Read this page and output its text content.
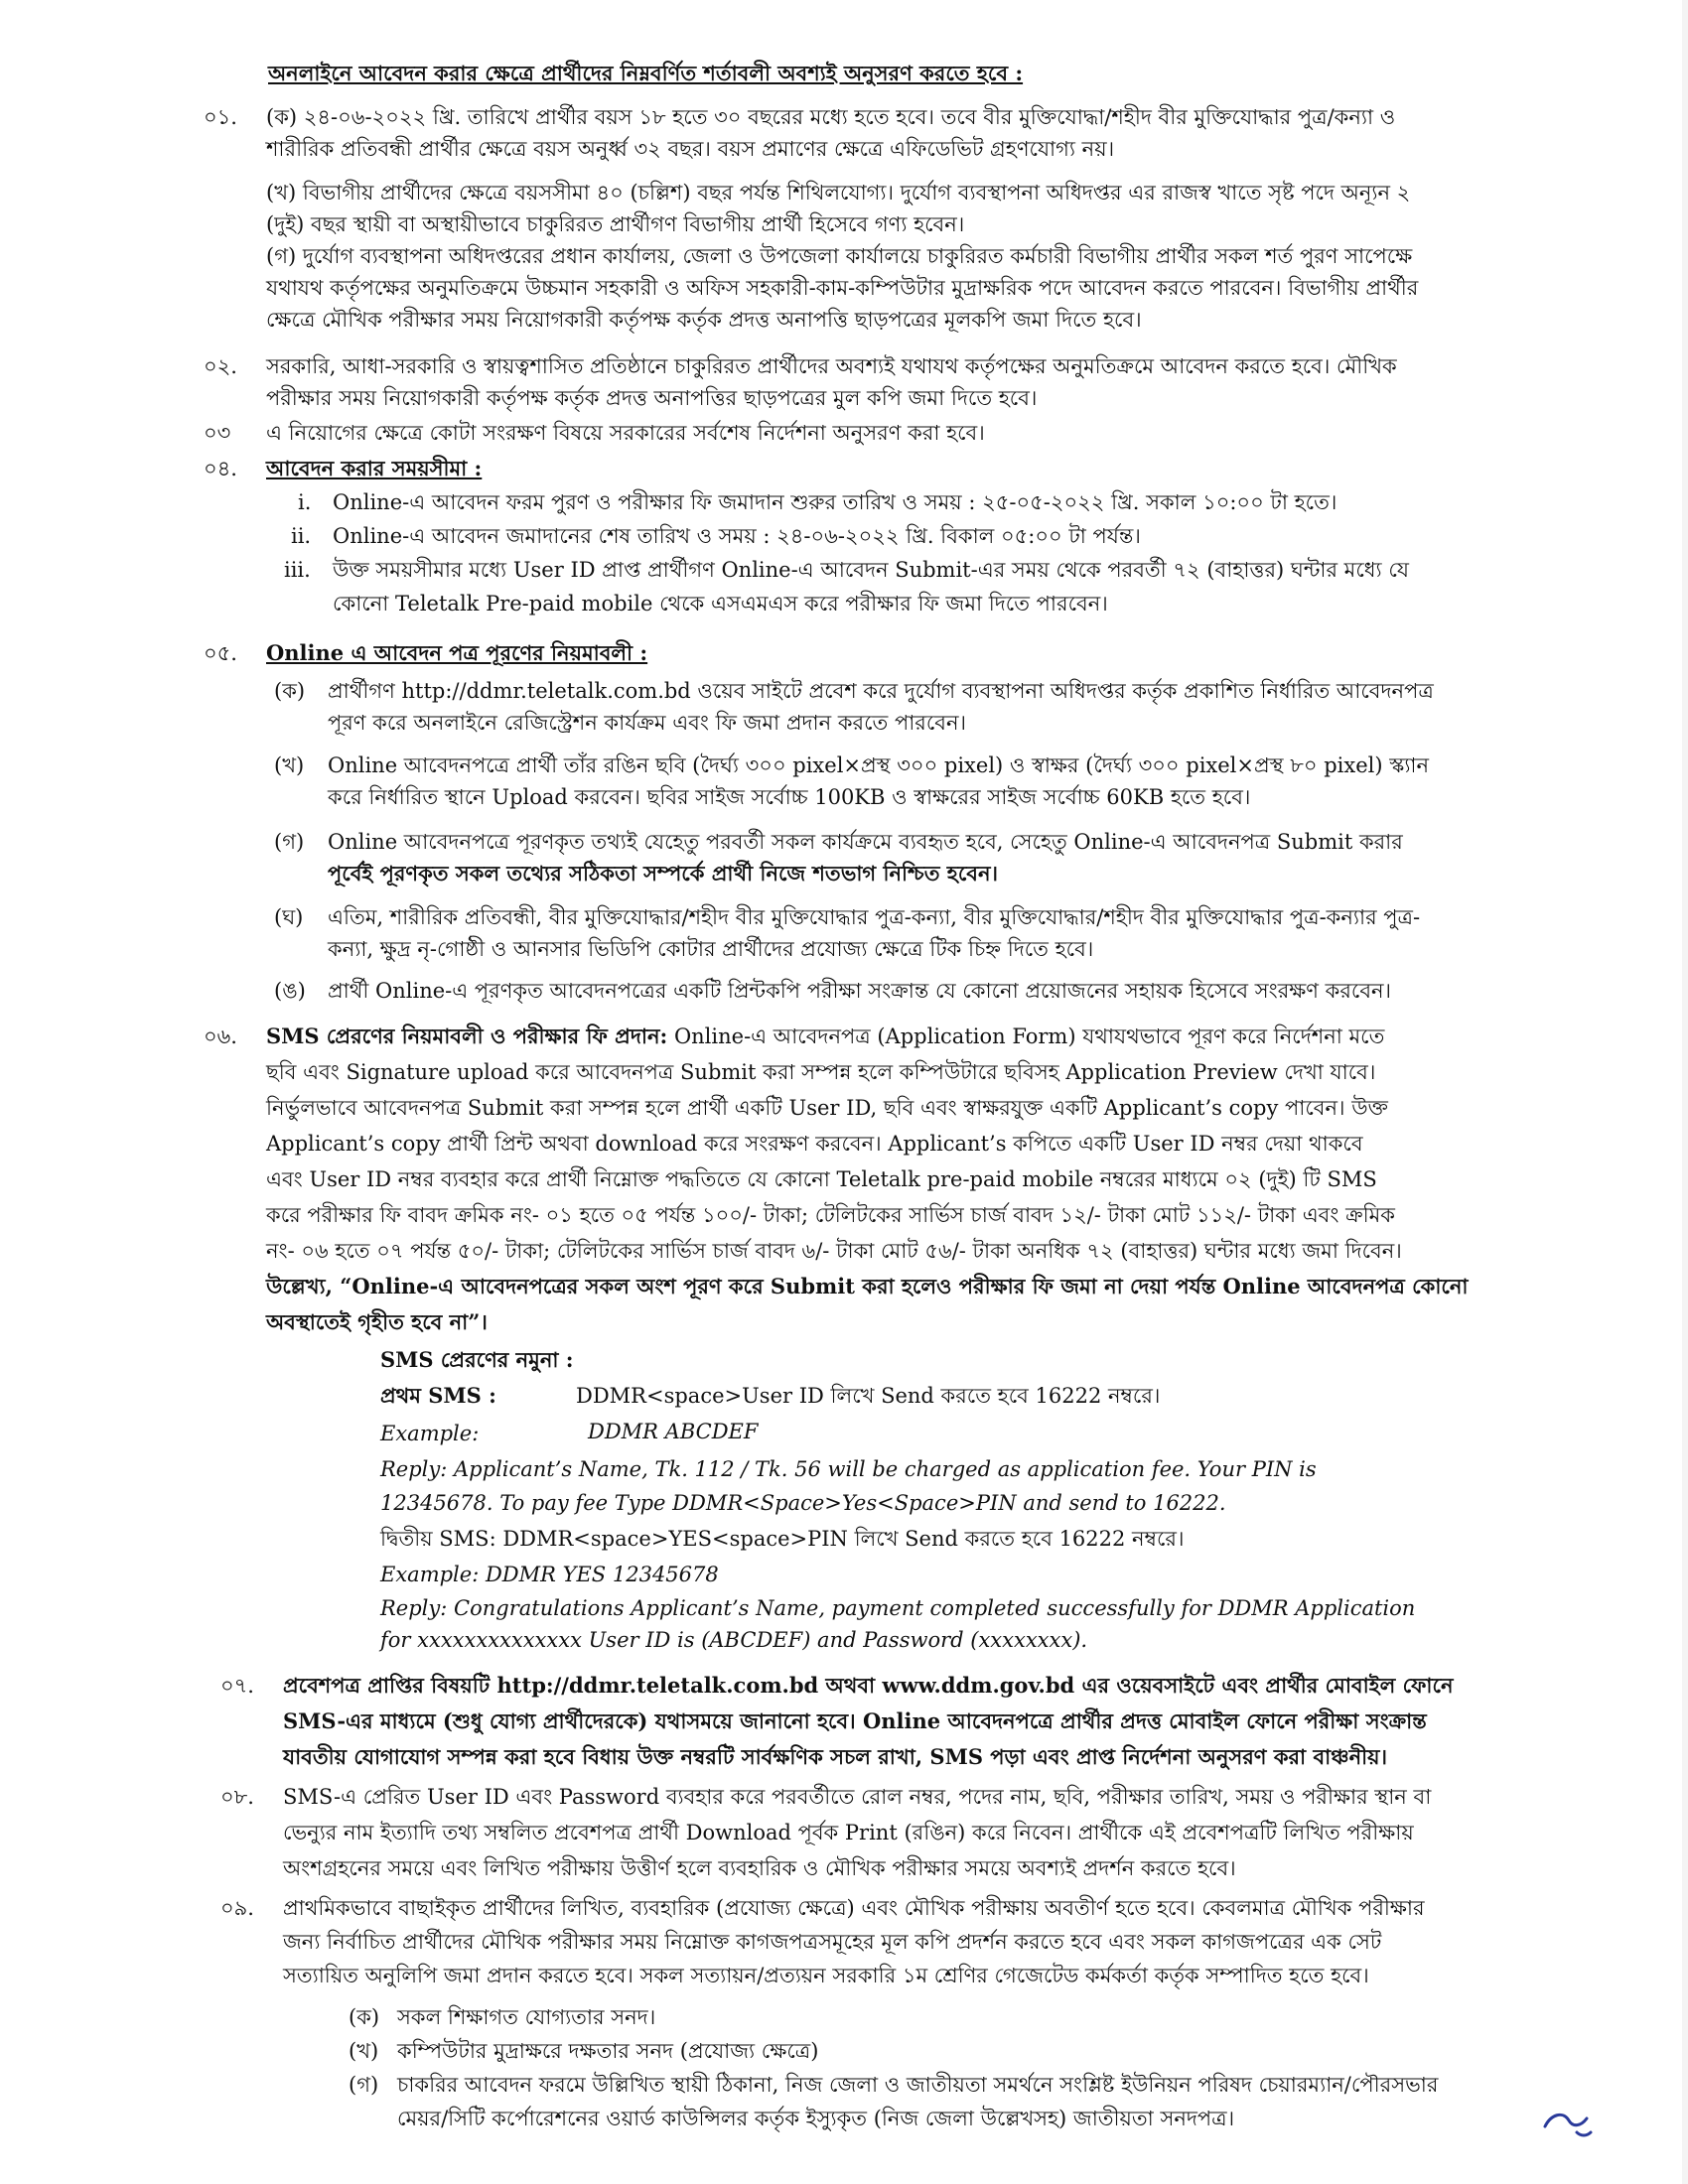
অনলাইনে আবেদন করার ক্ষেত্রে প্রার্থীদের নিম্নবর্ণিত শর্তাবলী অবশ্যই অনুসরণ করতে হবে :
০১. (ক) ২৪-০৬-২০২২ খ্রি. তারিখে প্রার্থীর বয়স ১৮ হতে ৩০ বছরের মধ্যে হতে হবে। তবে বীর মুক্তিযোদ্ধা/শহীদ বীর মুক্তিযোদ্ধার পুত্র/কন্যা ও
শারীরিক প্রতিবন্ধী প্রার্থীর ক্ষেত্রে বয়স অনুর্ধ্ব ৩২ বছর। বয়স প্রমাণের ক্ষেত্রে এফিডেভিট গ্রহণযোগ্য নয়।
(খ) বিভাগীয় প্রার্থীদের ক্ষেত্রে বয়সসীমা ৪০ (চল্লিশ) বছর পর্যন্ত শিথিলযোগ্য। দুর্যোগ ব্যবস্থাপনা অধিদপ্তর এর রাজস্ব খাতে সৃষ্ট পদে অন্যূন ২
(দুই) বছর স্থায়ী বা অস্থায়ীভাবে চাকুরিরত প্রার্থীগণ বিভাগীয় প্রার্থী হিসেবে গণ্য হবেন।
(গ) দুর্যোগ ব্যবস্থাপনা অধিদপ্তরের প্রধান কার্যালয়, জেলা ও উপজেলা কার্যালয়ে চাকুরিরত কর্মচারী বিভাগীয় প্রার্থীর সকল শর্ত পুরণ সাপেক্ষে
যথাযথ কর্তৃপক্ষের অনুমতিক্রমে উচ্চমান সহকারী ও অফিস সহকারী-কাম-কম্পিউটার মুদ্রাক্ষরিক পদে আবেদন করতে পারবেন। বিভাগীয় প্রার্থীর
ক্ষেত্রে মৌখিক পরীক্ষার সময় নিয়োগকারী কর্তৃপক্ষ কর্তৃক প্রদত্ত অনাপত্তি ছাড়পত্রের মূলকপি জমা দিতে হবে।
০২. সরকারি, আধা-সরকারি ও স্বায়ত্বশাসিত প্রতিষ্ঠানে চাকুরিরত প্রার্থীদের অবশ্যই যথাযথ কর্তৃপক্ষের অনুমতিক্রমে আবেদন করতে হবে। মৌখিক
পরীক্ষার সময় নিয়োগকারী কর্তৃপক্ষ কর্তৃক প্রদত্ত অনাপত্তির ছাড়পত্রের মুল কপি জমা দিতে হবে।
০৩ এ নিয়োগের ক্ষেত্রে কোটা সংরক্ষণ বিষয়ে সরকারের সর্বশেষ নির্দেশনা অনুসরণ করা হবে।
০৪. আবেদন করার সময়সীমা :
i. Online-এ আবেদন ফরম পুরণ ও পরীক্ষার ফি জমাদান শুরুর তারিখ ও সময় : ২৫-০৫-২০২২ খ্রি. সকাল ১০:০০ টা হতে।
ii. Online-এ আবেদন জমাদানের শেষ তারিখ ও সময় : ২৪-০৬-২০২২ খ্রি. বিকাল ০৫:০০ টা পর্যন্ত।
iii. উক্ত সময়সীমার মধ্যে User ID প্রাপ্ত প্রার্থীগণ Online-এ আবেদন Submit-এর সময় থেকে পরবর্তী ৭২ (বাহাত্তর) ঘন্টার মধ্যে যে
কোনো Teletalk Pre-paid mobile থেকে এসএমএস করে পরীক্ষার ফি জমা দিতে পারবেন।
০৫. Online এ আবেদন পত্র পূরণের নিয়মাবলী :
(ক) প্রার্থীগণ http://ddmr.teletalk.com.bd ওয়েব সাইটে প্রবেশ করে দুর্যোগ ব্যবস্থাপনা অধিদপ্তর কর্তৃক প্রকাশিত নির্ধারিত আবেদনপত্র
পূরণ করে অনলাইনে রেজিস্ট্রেশন কার্যক্রম এবং ফি জমা প্রদান করতে পারবেন।
(খ) Online আবেদনপত্রে প্রার্থী তাঁর রঙিন ছবি (দৈর্ঘ্য ৩০০ pixel×প্রস্থ ৩০০ pixel) ও স্বাক্ষর (দৈর্ঘ্য ৩০০ pixel×প্রস্থ ৮০ pixel) স্ক্যান
করে নির্ধারিত স্থানে Upload করবেন। ছবির সাইজ সর্বোচ্চ 100KB ও স্বাক্ষরের সাইজ সর্বোচ্চ 60KB হতে হবে।
(গ) Online আবেদনপত্রে পূরণকৃত তথ্যই যেহেতু পরবর্তী সকল কার্যক্রমে ব্যবহৃত হবে, সেহেতু Online-এ আবেদনপত্র Submit করার
পূর্বেই পূরণকৃত সকল তথ্যের সঠিকতা সম্পর্কে প্রার্থী নিজে শতভাগ নিশ্চিত হবেন।
(ঘ) এতিম, শারীরিক প্রতিবন্ধী, বীর মুক্তিযোদ্ধার/শহীদ বীর মুক্তিযোদ্ধার পুত্র-কন্যা, বীর মুক্তিযোদ্ধার/শহীদ বীর মুক্তিযোদ্ধার পুত্র-কন্যার পুত্র-
কন্যা, ক্ষুদ্র নৃ-গোষ্ঠী ও আনসার ভিডিপি কোটার প্রার্থীদের প্রযোজ্য ক্ষেত্রে টিক চিহ্ন দিতে হবে।
(ঙ) প্রার্থী Online-এ পূরণকৃত আবেদনপত্রের একটি প্রিন্টকপি পরীক্ষা সংক্রান্ত যে কোনো প্রয়োজনের সহায়ক হিসেবে সংরক্ষণ করবেন।
০৬. SMS প্রেরণের নিয়মাবলী ও পরীক্ষার ফি প্রদান: Online-এ আবেদনপত্র (Application Form) যথাযথভাবে পূরণ করে নির্দেশনা মতে
ছবি এবং Signature upload করে আবেদনপত্র Submit করা সম্পন্ন হলে কম্পিউটারে ছবিসহ Application Preview দেখা যাবে।
নির্ভুলভাবে আবেদনপত্র Submit করা সম্পন্ন হলে প্রার্থী একটি User ID, ছবি এবং স্বাক্ষরযুক্ত একটি Applicant’s copy পাবেন। উক্ত
Applicant’s copy প্রার্থী প্রিন্ট অথবা download করে সংরক্ষণ করবেন। Applicant’s কপিতে একটি User ID নম্বর দেয়া থাকবে
এবং User ID নম্বর ব্যবহার করে প্রার্থী নিম্নোক্ত পদ্ধতিতে যে কোনো Teletalk pre-paid mobile নম্বরের মাধ্যমে ০২ (দুই) টি SMS
করে পরীক্ষার ফি বাবদ ক্রমিক নং- ০১ হতে ০৫ পর্যন্ত ১০০/- টাকা; টেলিটকের সার্ভিস চার্জ বাবদ ১২/- টাকা মোট ১১২/- টাকা এবং ক্রমিক
নং- ০৬ হতে ০৭ পর্যন্ত ৫০/- টাকা; টেলিটকের সার্ভিস চার্জ বাবদ ৬/- টাকা মোট ৫৬/- টাকা অনধিক ৭২ (বাহাত্তর) ঘন্টার মধ্যে জমা দিবেন।
উল্লেখ্য, “Online-এ আবেদনপত্রের সকল অংশ পূরণ করে Submit করা হলেও পরীক্ষার ফি জমা না দেয়া পর্যন্ত Online আবেদনপত্র কোনো
অবস্থাতেই গৃহীত হবে না”।
SMS প্রেরণের নমুনা :
প্রথম SMS :	DDMR<space>User ID লিখে Send করতে হবে 16222 নম্বরে।
Example:	DDMR ABCDEF
Reply: Applicant’s Name, Tk. 112 / Tk. 56 will be charged as application fee. Your PIN is
12345678. To pay fee Type DDMR<Space>Yes<Space>PIN and send to 16222.
দ্বিতীয় SMS: DDMR<space>YES<space>PIN লিখে Send করতে হবে 16222 নম্বরে।
Example: DDMR YES 12345678
Reply: Congratulations Applicant’s Name, payment completed successfully for DDMR Application
for xxxxxxxxxxxxxx User ID is (ABCDEF) and Password (xxxxxxxx).
০৭. প্রবেশপত্র প্রাপ্তির বিষয়টি http://ddmr.teletalk.com.bd অথবা www.ddm.gov.bd এর ওয়েবসাইটে এবং প্রার্থীর মোবাইল ফোনে
SMS-এর মাধ্যমে (শুধু যোগ্য প্রার্থীদেরকে) যথাসময়ে জানানো হবে। Online আবেদনপত্রে প্রার্থীর প্রদত্ত মোবাইল ফোনে পরীক্ষা সংক্রান্ত
যাবতীয় যোগাযোগ সম্পন্ন করা হবে বিধায় উক্ত নম্বরটি সার্বক্ষণিক সচল রাখা, SMS পড়া এবং প্রাপ্ত নির্দেশনা অনুসরণ করা বাঞ্চনীয়।
০৮. SMS-এ প্রেরিত User ID এবং Password ব্যবহার করে পরবর্তীতে রোল নম্বর, পদের নাম, ছবি, পরীক্ষার তারিখ, সময় ও পরীক্ষার স্থান বা
ভেন্যুর নাম ইত্যাদি তথ্য সম্বলিত প্রবেশপত্র প্রার্থী Download পূর্বক Print (রঙিন) করে নিবেন। প্রার্থীকে এই প্রবেশপত্রটি লিখিত পরীক্ষায়
অংশগ্রহনের সময়ে এবং লিখিত পরীক্ষায় উত্তীর্ণ হলে ব্যবহারিক ও মৌখিক পরীক্ষার সময়ে অবশ্যই প্রদর্শন করতে হবে।
০৯. প্রাথমিকভাবে বাছাইকৃত প্রার্থীদের লিখিত, ব্যবহারিক (প্রযোজ্য ক্ষেত্রে) এবং মৌখিক পরীক্ষায় অবতীর্ণ হতে হবে। কেবলমাত্র মৌখিক পরীক্ষার
জন্য নির্বাচিত প্রার্থীদের মৌখিক পরীক্ষার সময় নিম্নোক্ত কাগজপত্রসমূহের মূল কপি প্রদর্শন করতে হবে এবং সকল কাগজপত্রের এক সেট
সত্যায়িত অনুলিপি জমা প্রদান করতে হবে। সকল সত্যায়ন/প্রত্যয়ন সরকারি ১ম শ্রেণির গেজেটেড কর্মকর্তা কর্তৃক সম্পাদিত হতে হবে।
(ক) সকল শিক্ষাগত যোগ্যতার সনদ।
(খ) কম্পিউটার মুদ্রাক্ষরে দক্ষতার সনদ (প্রযোজ্য ক্ষেত্রে)
(গ) চাকরির আবেদন ফরমে উল্লিখিত স্থায়ী ঠিকানা, নিজ জেলা ও জাতীয়তা সমর্থনে সংশ্লিষ্ট ইউনিয়ন পরিষদ চেয়ারম্যান/পৌরসভার
মেয়র/সিটি কর্পোরেশনের ওয়ার্ড কাউন্সিলর কর্তৃক ইস্যুকৃত (নিজ জেলা উল্লেখসহ) জাতীয়তা সনদপত্র।
